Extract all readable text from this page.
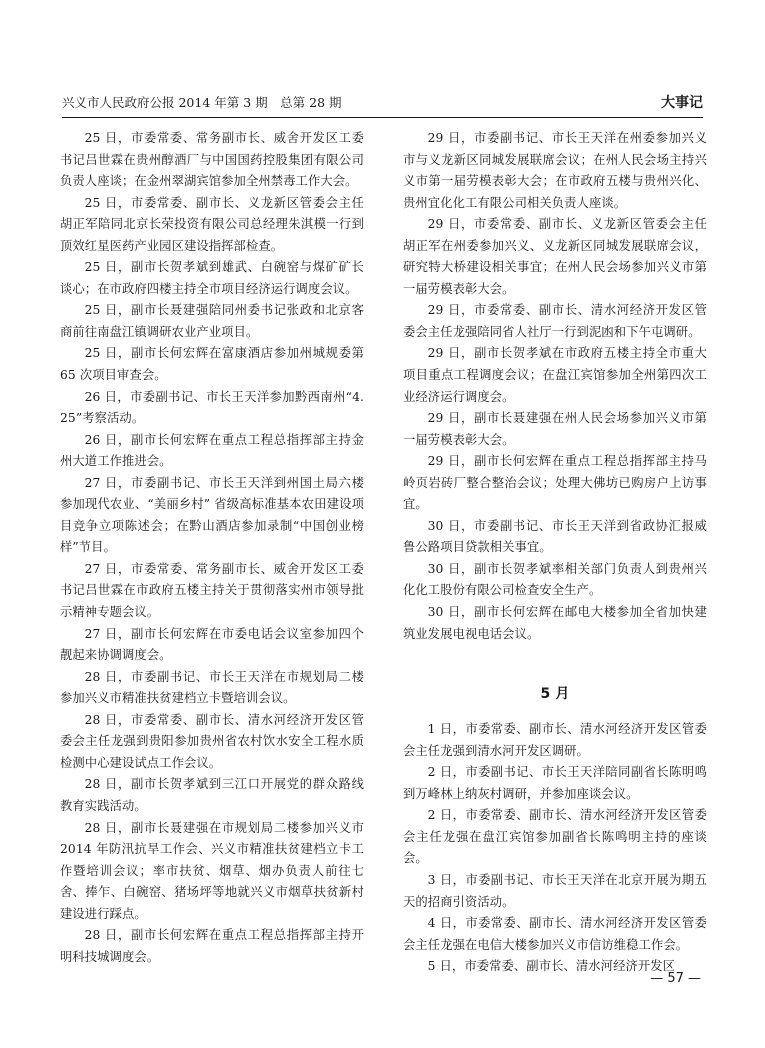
兴义市人民政府公报 2014 年第 3 期　总第 28 期	大事记

25 日，市委常委、常务副市长、威舍开发区工委书记吕世霖在贵州醇酒厂与中国国药控股集团有限公司负责人座谈；在金州翠湖宾馆参加全州禁毒工作大会。

25 日，市委常委、副市长、义龙新区管委会主任胡正军陪同北京长荣投资有限公司总经理朱淇模一行到顶效红星医药产业园区建设指挥部检查。

25 日，副市长贺孝斌到雄武、白碗窑与煤矿矿长谈心；在市政府四楼主持全市项目经济运行调度会议。

25 日，副市长聂建强陪同州委书记张政和北京客商前往南盘江镇调研农业产业项目。

25 日，副市长何宏辉在富康酒店参加州城规委第 65 次项目审查会。

26 日，市委副书记、市长王天洋参加黔西南州“4.25”考察活动。

26 日，副市长何宏辉在重点工程总指挥部主持金州大道工作推进会。

27 日，市委副书记、市长王天洋到州国土局六楼参加现代农业、“美丽乡村” 省级高标准基本农田建设项目竞争立项陈述会；在黔山酒店参加录制“中国创业榜样”节目。

27 日，市委常委、常务副市长、威舍开发区工委书记吕世霖在市政府五楼主持关于贯彻落实州市领导批示精神专题会议。

27 日，副市长何宏辉在市委电话会议室参加四个靓起来协调调度会。

28 日，市委副书记、市长王天洋在市规划局二楼参加兴义市精准扶贫建档立卡暨培训会议。

28 日，市委常委、副市长、清水河经济开发区管委会主任龙强到贵阳参加贵州省农村饮水安全工程水质检测中心建设试点工作会议。

28 日，副市长贺孝斌到三江口开展党的群众路线教育实践活动。

28 日，副市长聂建强在市规划局二楼参加兴义市 2014 年防汛抗旱工作会、兴义市精准扶贫建档立卡工作暨培训会议；率市扶贫、烟草、烟办负责人前往七舍、捧乍、白碗窑、猪场坪等地就兴义市烟草扶贫新村建设进行踩点。

28 日，副市长何宏辉在重点工程总指挥部主持开明科技城调度会。

29 日，市委副书记、市长王天洋在州委参加兴义市与义龙新区同城发展联席会议；在州人民会场主持兴义市第一届劳模表彰大会；在市政府五楼与贵州兴化、贵州宜化化工有限公司相关负责人座谈。

29 日，市委常委、副市长、义龙新区管委会主任胡正军在州委参加兴义、义龙新区同城发展联席会议，研究特大桥建设相关事宜；在州人民会场参加兴义市第一届劳模表彰大会。

29 日，市委常委、副市长、清水河经济开发区管委会主任龙强陪同省人社厅一行到泥凼和下午屯调研。

29 日，副市长贺孝斌在市政府五楼主持全市重大项目重点工程调度会议；在盘江宾馆参加全州第四次工业经济运行调度会。

29 日，副市长聂建强在州人民会场参加兴义市第一届劳模表彰大会。

29 日，副市长何宏辉在重点工程总指挥部主持马岭页岩砖厂整合整治会议；处理大佛坊已购房户上访事宜。

30 日，市委副书记、市长王天洋到省政协汇报威鲁公路项目贷款相关事宜。

30 日，副市长贺孝斌率相关部门负责人到贵州兴化化工股份有限公司检查安全生产。

30 日，副市长何宏辉在邮电大楼参加全省加快建筑业发展电视电话会议。

5 月

1 日，市委常委、副市长、清水河经济开发区管委会主任龙强到清水河开发区调研。

2 日，市委副书记、市长王天洋陪同副省长陈明鸣到万峰林上纳灰村调研，并参加座谈会议。

2 日，市委常委、副市长、清水河经济开发区管委会主任龙强在盘江宾馆参加副省长陈鸣明主持的座谈会。

3 日，市委副书记、市长王天洋在北京开展为期五天的招商引资活动。

4 日，市委常委、副市长、清水河经济开发区管委会主任龙强在电信大楼参加兴义市信访维稳工作会。

5 日，市委常委、副市长、清水河经济开发区

— 57 —
